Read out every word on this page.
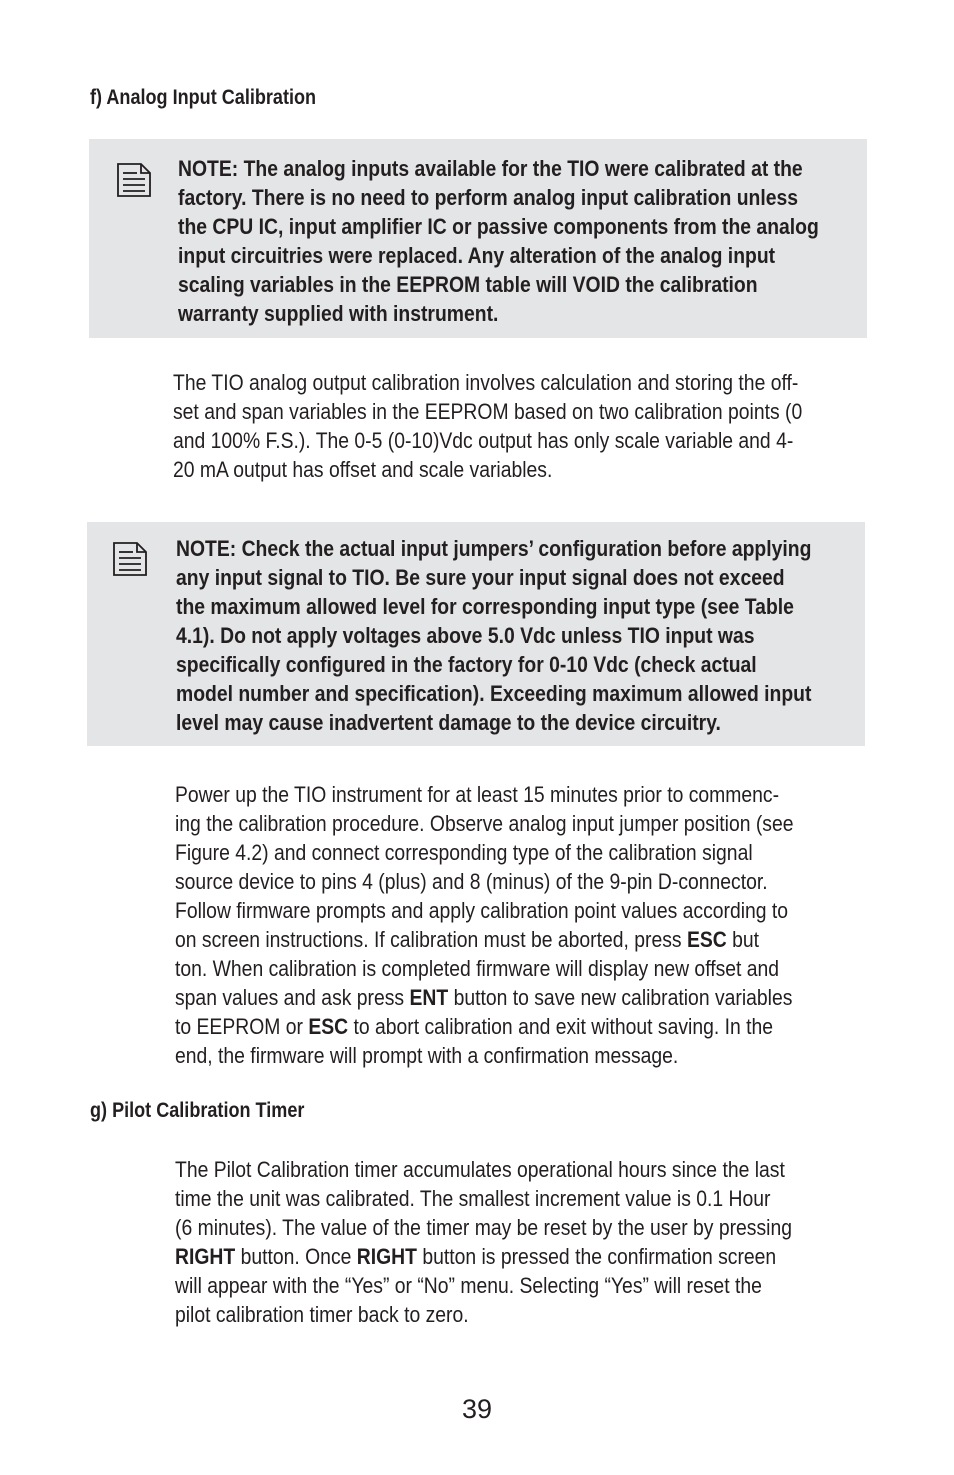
f) Analog Input Calibration
NOTE: The analog inputs available for the TIO were calibrated at the
factory. There is no need to perform analog input calibration unless
the CPU IC, input amplifier IC or passive components from the analog
input circuitries were replaced. Any alteration of the analog input
scaling variables in the EEPROM table will VOID the calibration
warranty supplied with instrument.
The TIO analog output calibration involves calculation and storing the off-
set and span variables in the EEPROM based on two calibration points (0
and 100% F.S.). The 0-5 (0-10)Vdc output has only scale variable and 4-
20 mA output has offset and scale variables.
NOTE: Check the actual input jumpers’ configuration before applying
any input signal to TIO. Be sure your input signal does not exceed
the maximum allowed level for corresponding input type (see Table
4.1). Do not apply voltages above 5.0 Vdc unless TIO input was
specifically configured in the factory for 0-10 Vdc (check actual
model number and specification). Exceeding maximum allowed input
level may cause inadvertent damage to the device circuitry.
Power up the TIO instrument for at least 15 minutes prior to commenc-
ing the calibration procedure. Observe analog input jumper position (see
Figure 4.2) and connect corresponding type of the calibration signal
source device to pins 4 (plus) and 8 (minus) of the 9-pin D-connector.
Follow firmware prompts and apply calibration point values according to
on screen instructions. If calibration must be aborted, press ESC but
ton. When calibration is completed firmware will display new offset and
span values and ask press ENT button to save new calibration variables
to EEPROM or ESC to abort calibration and exit without saving. In the
end, the firmware will prompt with a confirmation message.
g) Pilot Calibration Timer
The Pilot Calibration timer accumulates operational hours since the last
time the unit was calibrated. The smallest increment value is 0.1 Hour
(6 minutes). The value of the timer may be reset by the user by pressing
RIGHT button. Once RIGHT button is pressed the confirmation screen
will appear with the “Yes” or “No” menu. Selecting “Yes” will reset the
pilot calibration timer back to zero.
39
